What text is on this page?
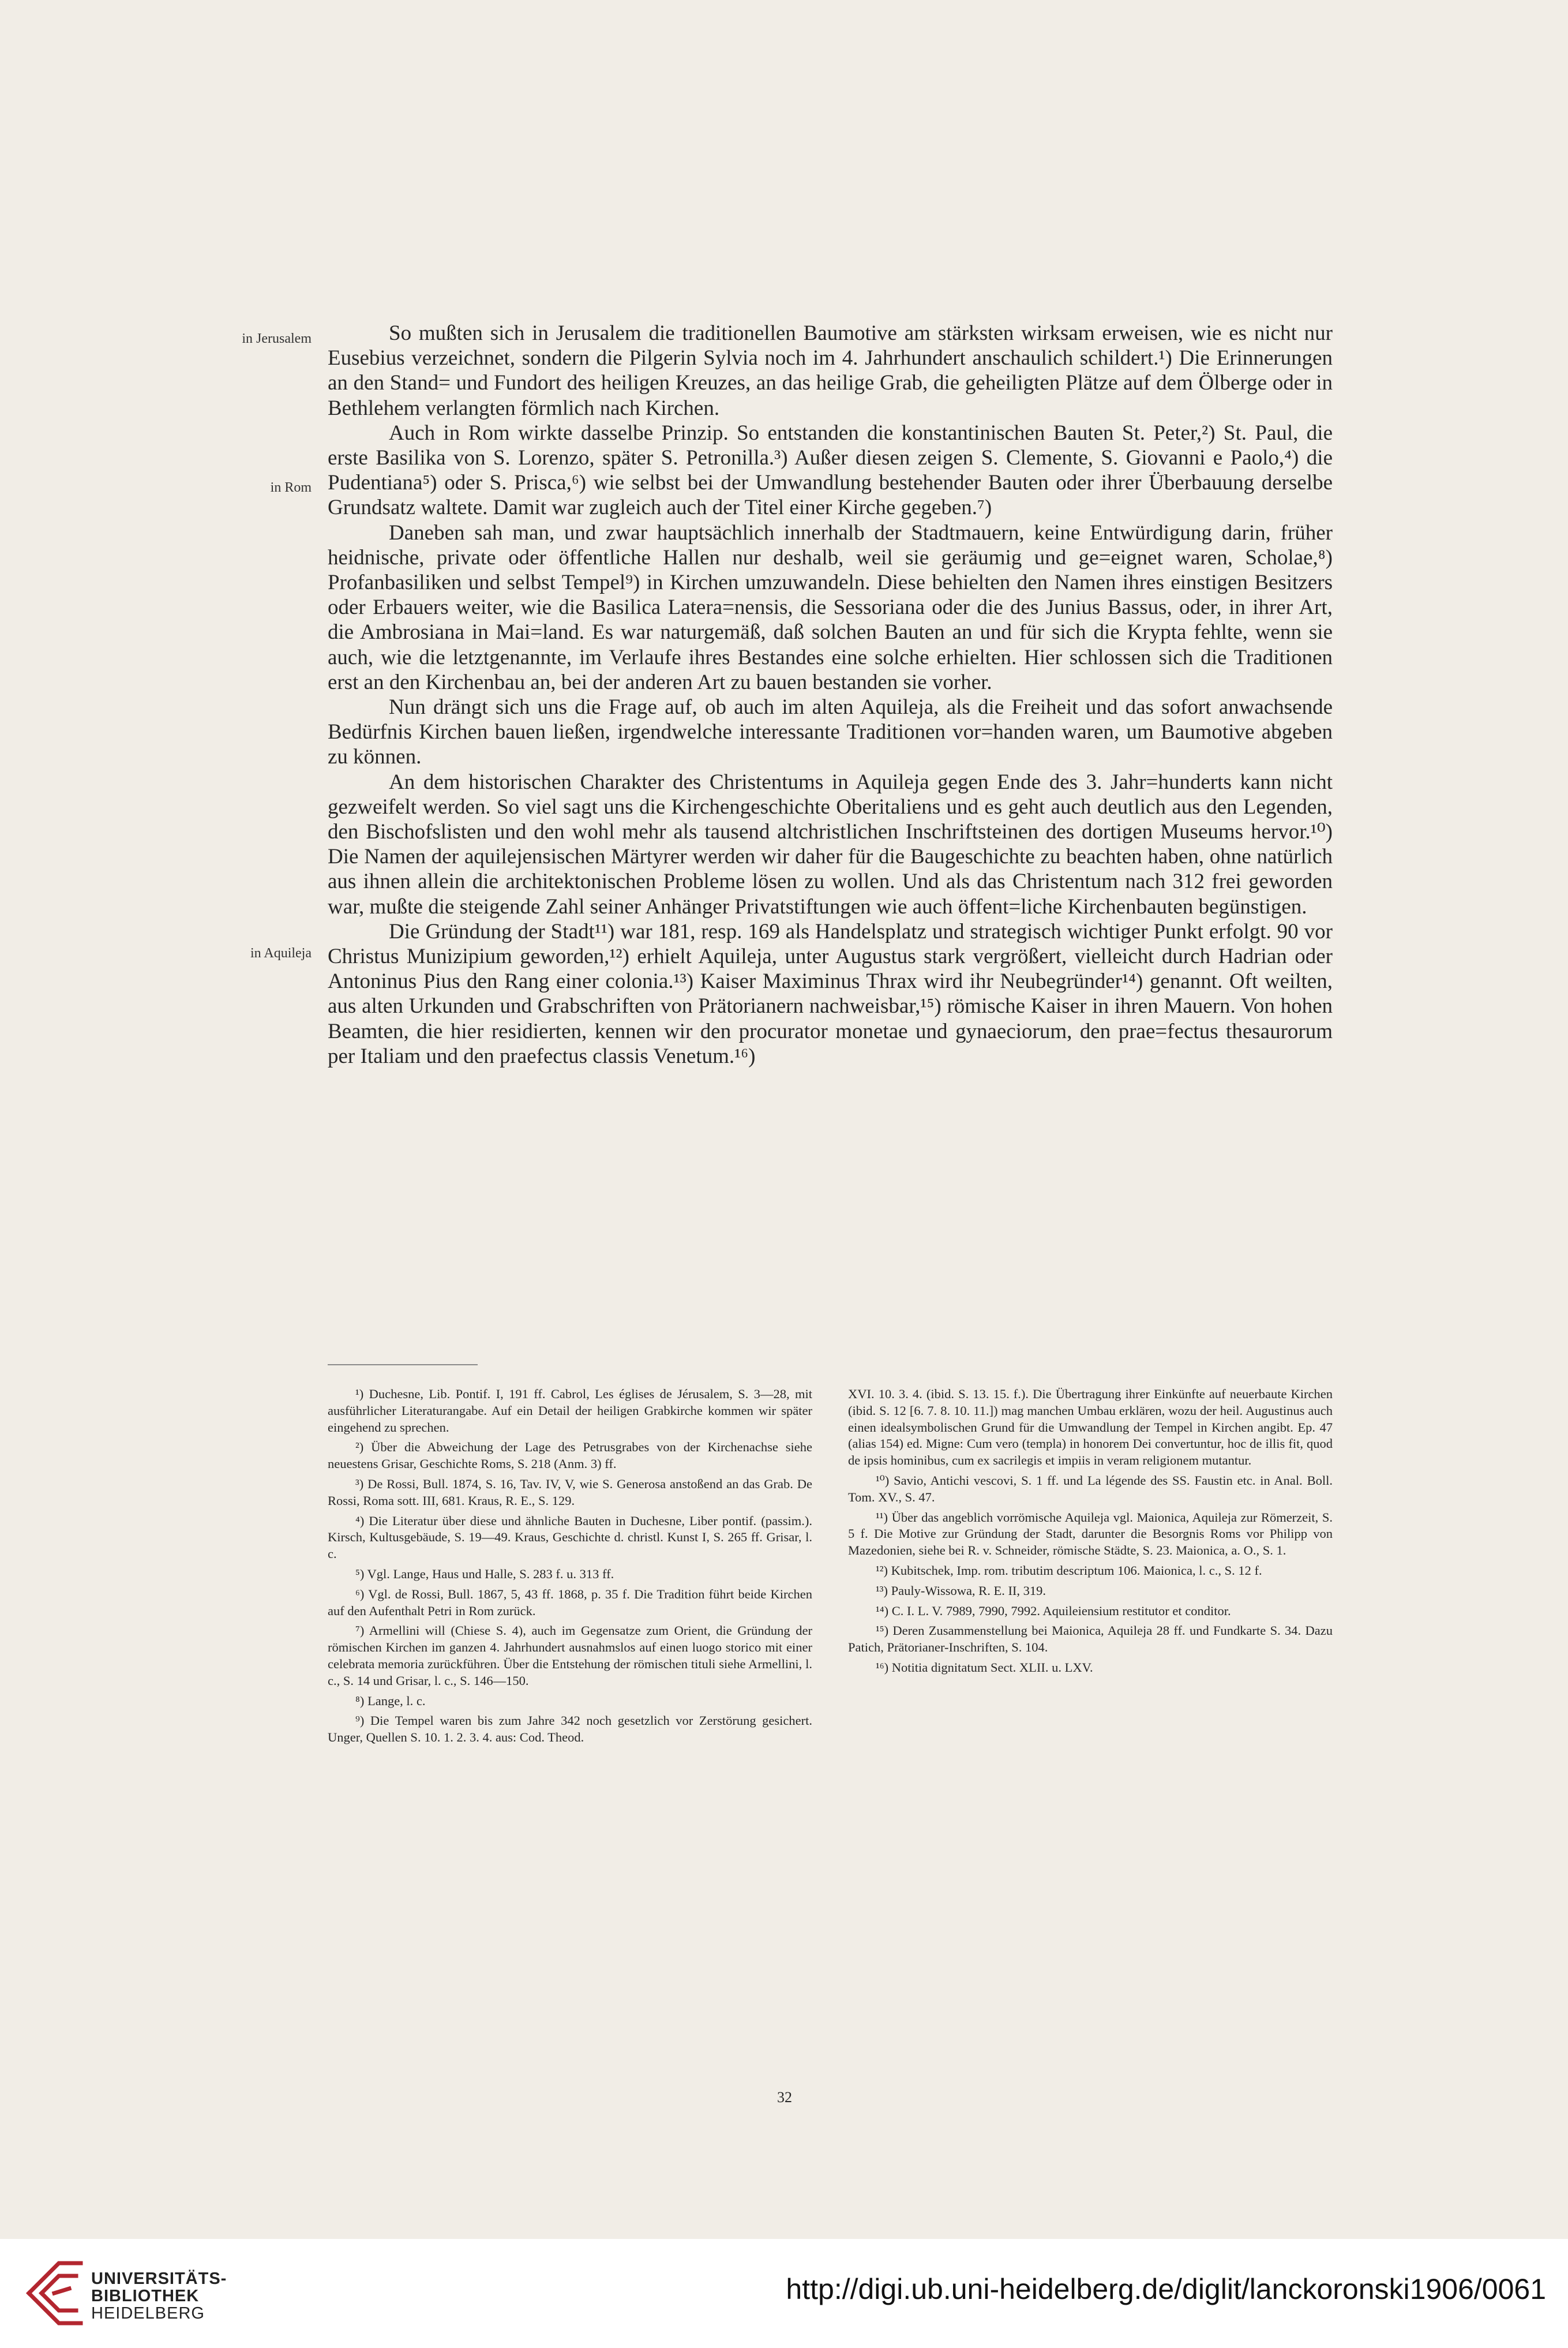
in Jerusalem
in Rom
in Aquileja

So mußten sich in Jerusalem die traditionellen Baumotive am stärksten wirksam erweisen, wie es nicht nur Eusebius verzeichnet, sondern die Pilgerin Sylvia noch im 4. Jahrhundert anschaulich schildert.¹) Die Erinnerungen an den Stand= und Fundort des heiligen Kreuzes, an das heilige Grab, die geheiligten Plätze auf dem Ölberge oder in Bethlehem verlangten förmlich nach Kirchen.

Auch in Rom wirkte dasselbe Prinzip. So entstanden die konstantinischen Bauten St. Peter,²) St. Paul, die erste Basilika von S. Lorenzo, später S. Petronilla.³) Außer diesen zeigen S. Clemente, S. Giovanni e Paolo,⁴) die Pudentiana⁵) oder S. Prisca,⁶) wie selbst bei der Umwandlung bestehender Bauten oder ihrer Überbauung derselbe Grundsatz waltete. Damit war zugleich auch der Titel einer Kirche gegeben.⁷)

Daneben sah man, und zwar hauptsächlich innerhalb der Stadtmauern, keine Entwürdigung darin, früher heidnische, private oder öffentliche Hallen nur deshalb, weil sie geräumig und ge=eignet waren, Scholae,⁸) Profanbasiliken und selbst Tempel⁹) in Kirchen umzuwandeln. Diese behielten den Namen ihres einstigen Besitzers oder Erbauers weiter, wie die Basilica Latera=nensis, die Sessoriana oder die des Junius Bassus, oder, in ihrer Art, die Ambrosiana in Mai=land. Es war naturgemäß, daß solchen Bauten an und für sich die Krypta fehlte, wenn sie auch, wie die letztgenannte, im Verlaufe ihres Bestandes eine solche erhielten. Hier schlossen sich die Traditionen erst an den Kirchenbau an, bei der anderen Art zu bauen bestanden sie vorher.

Nun drängt sich uns die Frage auf, ob auch im alten Aquileja, als die Freiheit und das sofort anwachsende Bedürfnis Kirchen bauen ließen, irgendwelche interessante Traditionen vor=handen waren, um Baumotive abgeben zu können.

An dem historischen Charakter des Christentums in Aquileja gegen Ende des 3. Jahr=hunderts kann nicht gezweifelt werden. So viel sagt uns die Kirchengeschichte Oberitaliens und es geht auch deutlich aus den Legenden, den Bischofslisten und den wohl mehr als tausend altchristlichen Inschriftsteinen des dortigen Museums hervor.¹⁰) Die Namen der aquilejensischen Märtyrer werden wir daher für die Baugeschichte zu beachten haben, ohne natürlich aus ihnen allein die architektonischen Probleme lösen zu wollen. Und als das Christentum nach 312 frei geworden war, mußte die steigende Zahl seiner Anhänger Privatstiftungen wie auch öffent=liche Kirchenbauten begünstigen.

Die Gründung der Stadt¹¹) war 181, resp. 169 als Handelsplatz und strategisch wichtiger Punkt erfolgt. 90 vor Christus Munizipium geworden,¹²) erhielt Aquileja, unter Augustus stark vergrößert, vielleicht durch Hadrian oder Antoninus Pius den Rang einer colonia.¹³) Kaiser Maximinus Thrax wird ihr Neubegründer¹⁴) genannt. Oft weilten, aus alten Urkunden und Grabschriften von Prätorianern nachweisbar,¹⁵) römische Kaiser in ihren Mauern. Von hohen Beamten, die hier residierten, kennen wir den procurator monetae und gynaeciorum, den prae=fectus thesaurorum per Italiam und den praefectus classis Venetum.¹⁶)

¹) Duchesne, Lib. Pontif. I, 191 ff. Cabrol, Les églises de Jérusalem, S. 3—28, mit ausführlicher Literaturangabe. Auf ein Detail der heiligen Grabkirche kommen wir später eingehend zu sprechen.

²) Über die Abweichung der Lage des Petrusgrabes von der Kirchenachse siehe neuestens Grisar, Geschichte Roms, S. 218 (Anm. 3) ff.

³) De Rossi, Bull. 1874, S. 16, Tav. IV, V, wie S. Generosa anstoßend an das Grab. De Rossi, Roma sott. III, 681. Kraus, R. E., S. 129.

⁴) Die Literatur über diese und ähnliche Bauten in Duchesne, Liber pontif. (passim.). Kirsch, Kultusgebäude, S. 19—49. Kraus, Geschichte d. christl. Kunst I, S. 265 ff. Grisar, l. c.

⁵) Vgl. Lange, Haus und Halle, S. 283 f. u. 313 ff.

⁶) Vgl. de Rossi, Bull. 1867, 5, 43 ff. 1868, p. 35 f. Die Tradition führt beide Kirchen auf den Aufenthalt Petri in Rom zurück.

⁷) Armellini will (Chiese S. 4), auch im Gegensatze zum Orient, die Gründung der römischen Kirchen im ganzen 4. Jahrhundert ausnahmslos auf einen luogo storico mit einer celebrata memoria zurückführen. Über die Entstehung der römischen tituli siehe Armellini, l. c., S. 14 und Grisar, l. c., S. 146—150.

⁸) Lange, l. c.

⁹) Die Tempel waren bis zum Jahre 342 noch gesetzlich vor Zerstörung gesichert. Unger, Quellen S. 10. 1. 2. 3. 4. aus: Cod. Theod.

XVI. 10. 3. 4. (ibid. S. 13. 15. f.). Die Übertragung ihrer Einkünfte auf neuerbaute Kirchen (ibid. S. 12 [6. 7. 8. 10. 11.]) mag manchen Umbau erklären, wozu der heil. Augustinus auch einen idealsymbolischen Grund für die Umwandlung der Tempel in Kirchen angibt. Ep. 47 (alias 154) ed. Migne: Cum vero (templa) in honorem Dei convertuntur, hoc de illis fit, quod de ipsis hominibus, cum ex sacrilegis et impiis in veram religionem mutantur.

¹⁰) Savio, Antichi vescovi, S. 1 ff. und La légende des SS. Faustin etc. in Anal. Boll. Tom. XV., S. 47.

¹¹) Über das angeblich vorrömische Aquileja vgl. Maionica, Aquileja zur Römerzeit, S. 5 f. Die Motive zur Gründung der Stadt, darunter die Besorgnis Roms vor Philipp von Mazedonien, siehe bei R. v. Schneider, römische Städte, S. 23. Maionica, a. O., S. 1.

¹²) Kubitschek, Imp. rom. tributim descriptum 106. Maionica, l. c., S. 12 f.

¹³) Pauly-Wissowa, R. E. II, 319.

¹⁴) C. I. L. V. 7989, 7990, 7992. Aquileiensium restitutor et conditor.

¹⁵) Deren Zusammenstellung bei Maionica, Aquileja 28 ff. und Fundkarte S. 34. Dazu Patich, Prätorianer-Inschriften, S. 104.

¹⁶) Notitia dignitatum Sect. XLII. u. LXV.

32
UNIVERSITÄTS-
BIBLIOTHEK
HEIDELBERG
http://digi.ub.uni-heidelberg.de/diglit/lanckoronski1906/0061
